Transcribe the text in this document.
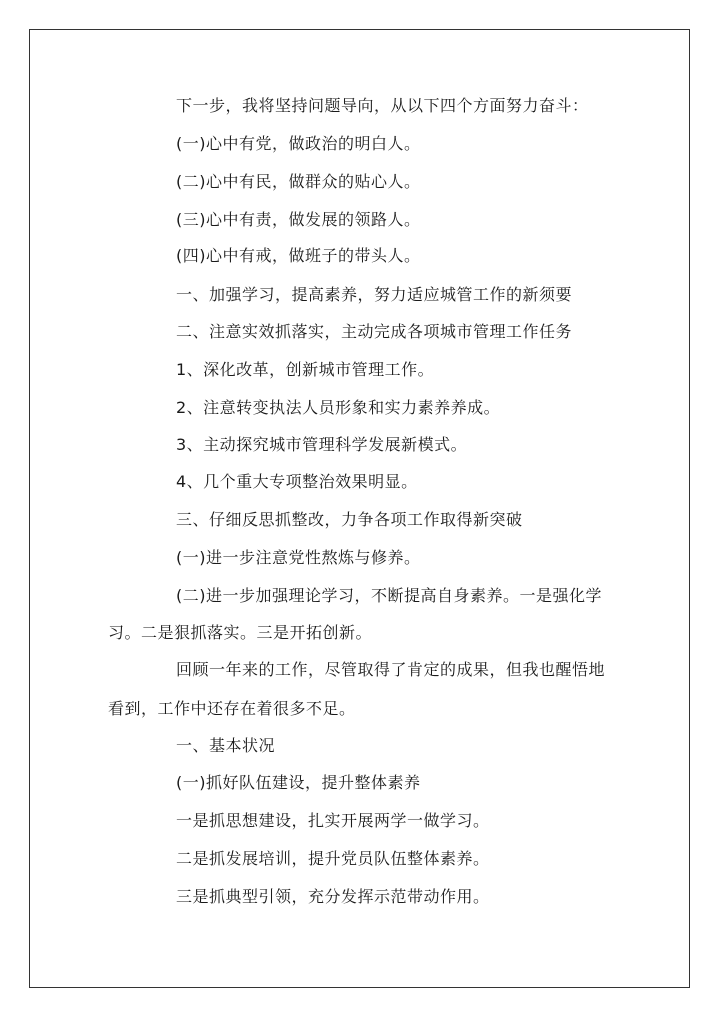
下一步，我将坚持问题导向，从以下四个方面努力奋斗：
(一)心中有党，做政治的明白人。
(二)心中有民，做群众的贴心人。
(三)心中有责，做发展的领路人。
(四)心中有戒，做班子的带头人。
一、加强学习，提高素养，努力适应城管工作的新须要
二、注意实效抓落实，主动完成各项城市管理工作任务
1、深化改革，创新城市管理工作。
2、注意转变执法人员形象和实力素养养成。
3、主动探究城市管理科学发展新模式。
4、几个重大专项整治效果明显。
三、仔细反思抓整改，力争各项工作取得新突破
(一)进一步注意党性熬炼与修养。
(二)进一步加强理论学习，不断提高自身素养。一是强化学
习。二是狠抓落实。三是开拓创新。
回顾一年来的工作，尽管取得了肯定的成果，但我也醒悟地
看到，工作中还存在着很多不足。
一、基本状况
(一)抓好队伍建设，提升整体素养
一是抓思想建设，扎实开展两学一做学习。
二是抓发展培训，提升党员队伍整体素养。
三是抓典型引领，充分发挥示范带动作用。
